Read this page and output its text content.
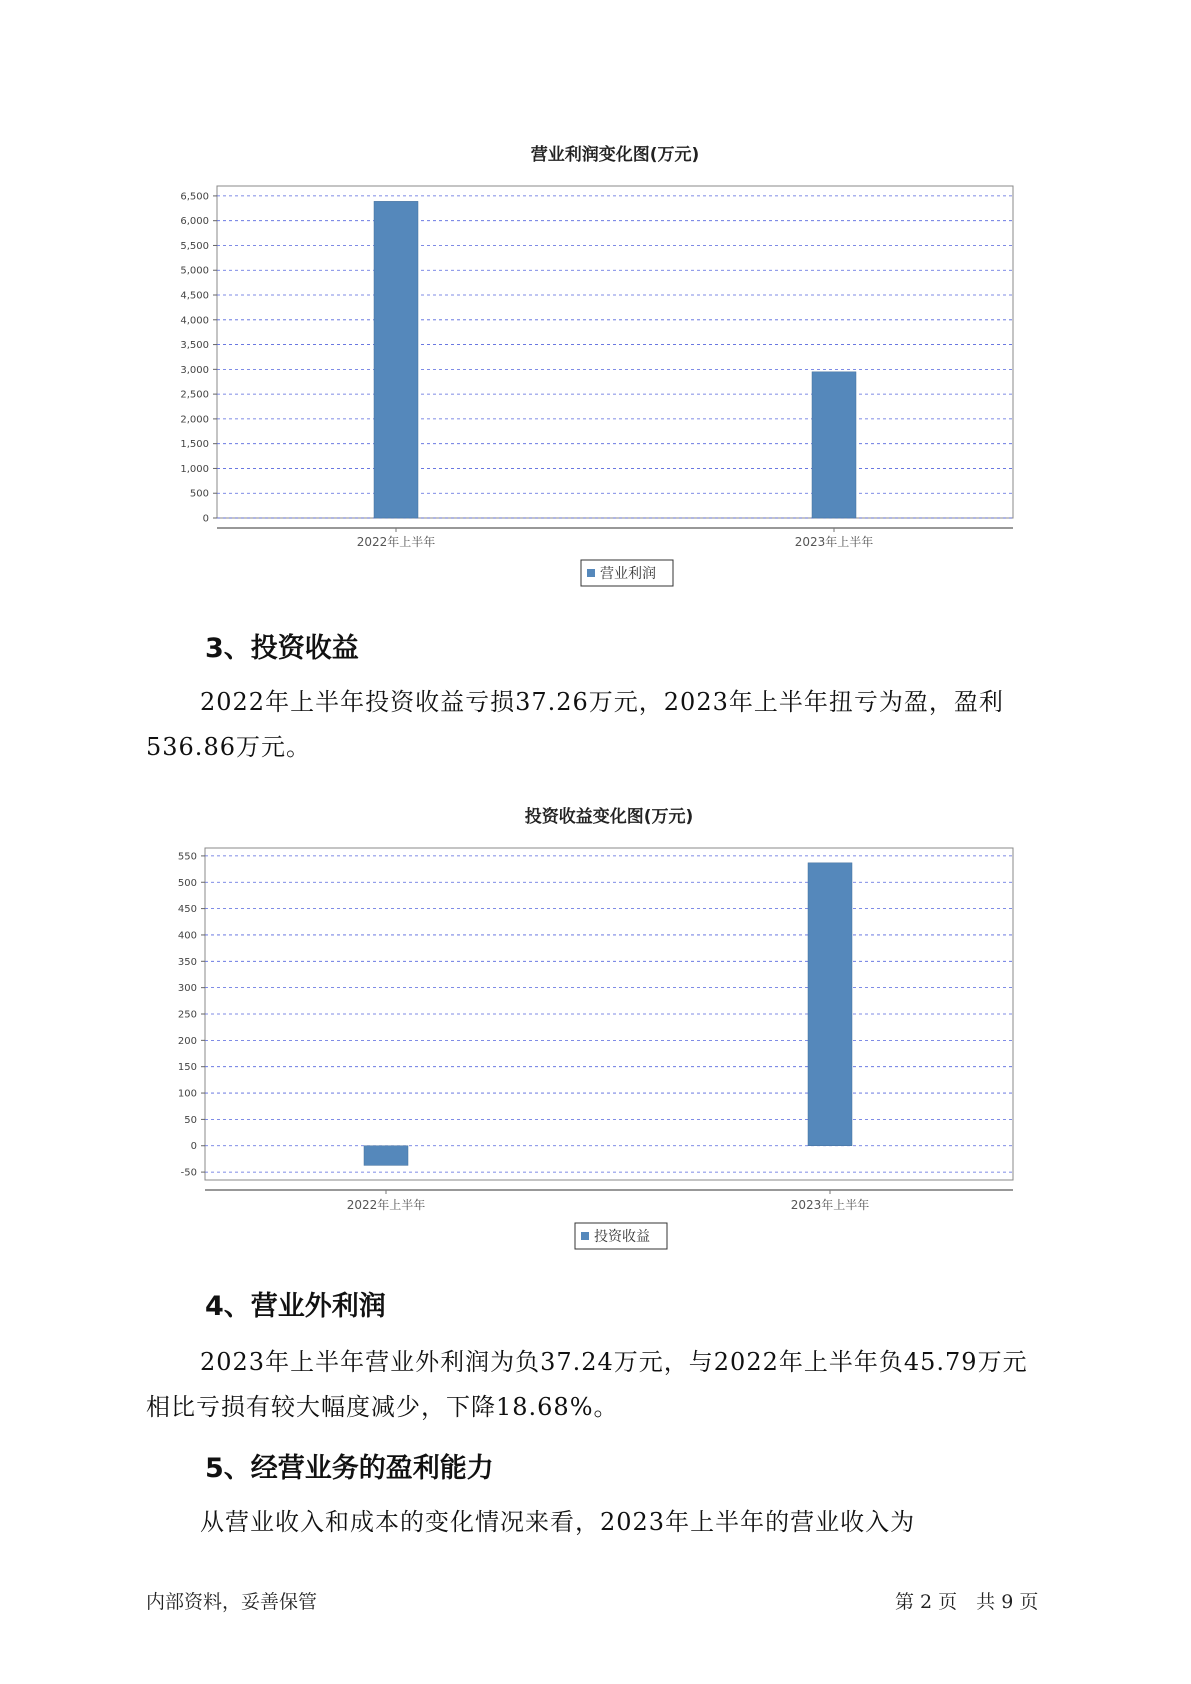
营业利润变化图(万元)
0
500
1,000
1,500
2,000
2,500
3,000
3,500
4,000
4,500
5,000
5,500
6,000
6,500
2022年上半年	2023年上半年
营业利润
3、投资收益

2022年上半年投资收益亏损37.26万元，2023年上半年扭亏为盈，盈利536.86万元。

投资收益变化图(万元)
-50
0
50
100
150
200
250
300
350
400
450
500
550
2022年上半年	2023年上半年
投资收益
4、营业外利润

2023年上半年营业外利润为负37.24万元，与2022年上半年负45.79万元相比亏损有较大幅度减少，下降18.68%。

5、经营业务的盈利能力

从营业收入和成本的变化情况来看，2023年上半年的营业收入为

内部资料，妥善保管	第 2 页　共 9 页
